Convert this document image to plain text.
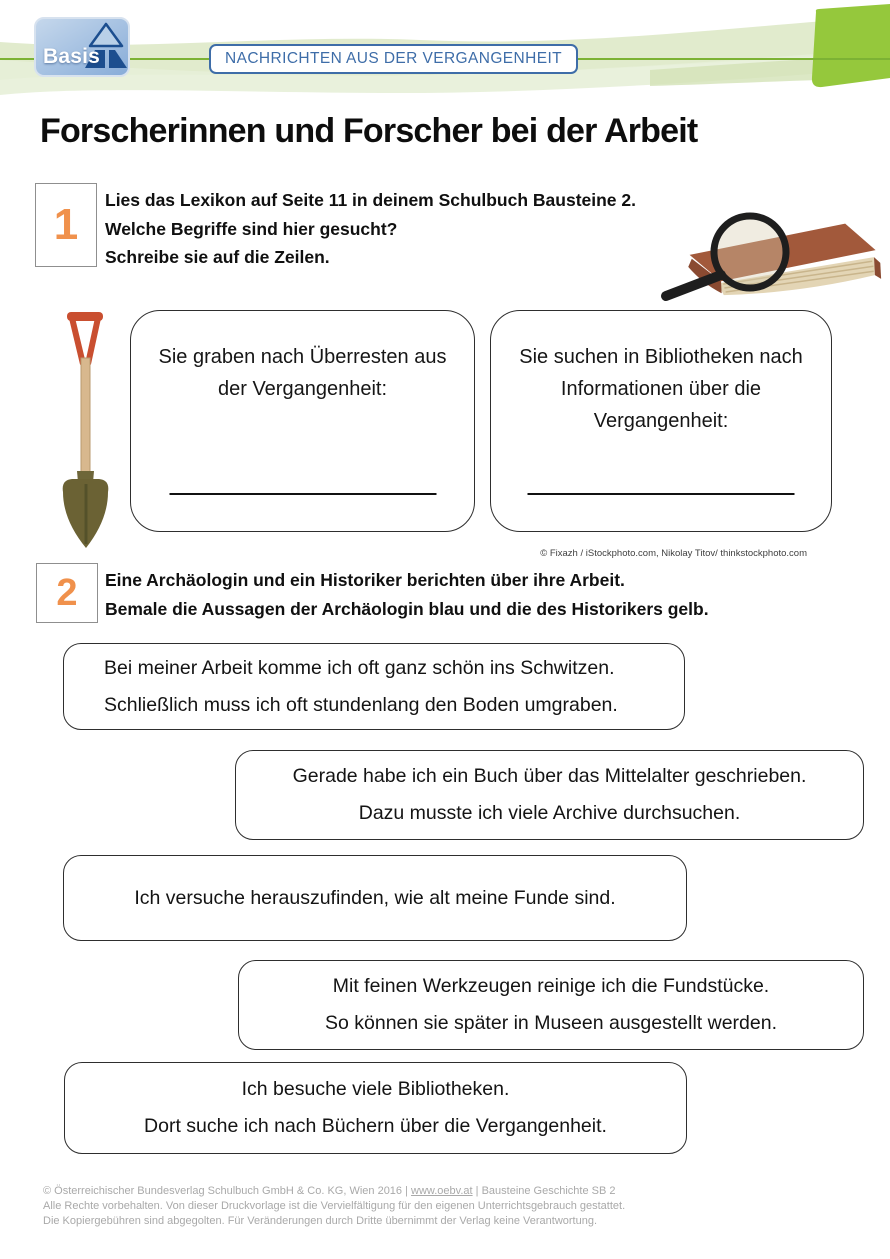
Basis	NACHRICHTEN AUS DER VERGANGENHEIT
Forscherinnen und Forscher bei der Arbeit
1	Lies das Lexikon auf Seite 11 in deinem Schulbuch Bausteine 2.
Welche Begriffe sind hier gesucht?
Schreibe sie auf die Zeilen.
Sie graben nach Überresten aus der Vergangenheit:
Sie suchen in Bibliotheken nach Informationen über die Vergangenheit:
© Fixazh / iStockphoto.com, Nikolay Titov/ thinkstockphoto.com
2	Eine Archäologin und ein Historiker berichten über ihre Arbeit.
Bemale die Aussagen der Archäologin blau und die des Historikers gelb.
Bei meiner Arbeit komme ich oft ganz schön ins Schwitzen.
Schließlich muss ich oft stundenlang den Boden umgraben.
Gerade habe ich ein Buch über das Mittelalter geschrieben.
Dazu musste ich viele Archive durchsuchen.
Ich versuche herauszufinden, wie alt meine Funde sind.
Mit feinen Werkzeugen reinige ich die Fundstücke.
So können sie später in Museen ausgestellt werden.
Ich besuche viele Bibliotheken.
Dort suche ich nach Büchern über die Vergangenheit.
© Österreichischer Bundesverlag Schulbuch GmbH & Co. KG, Wien 2016 | www.oebv.at | Bausteine Geschichte SB 2
Alle Rechte vorbehalten. Von dieser Druckvorlage ist die Vervielfältigung für den eigenen Unterrichtsgebrauch gestattet.
Die Kopiergebühren sind abgegolten. Für Veränderungen durch Dritte übernimmt der Verlag keine Verantwortung.
